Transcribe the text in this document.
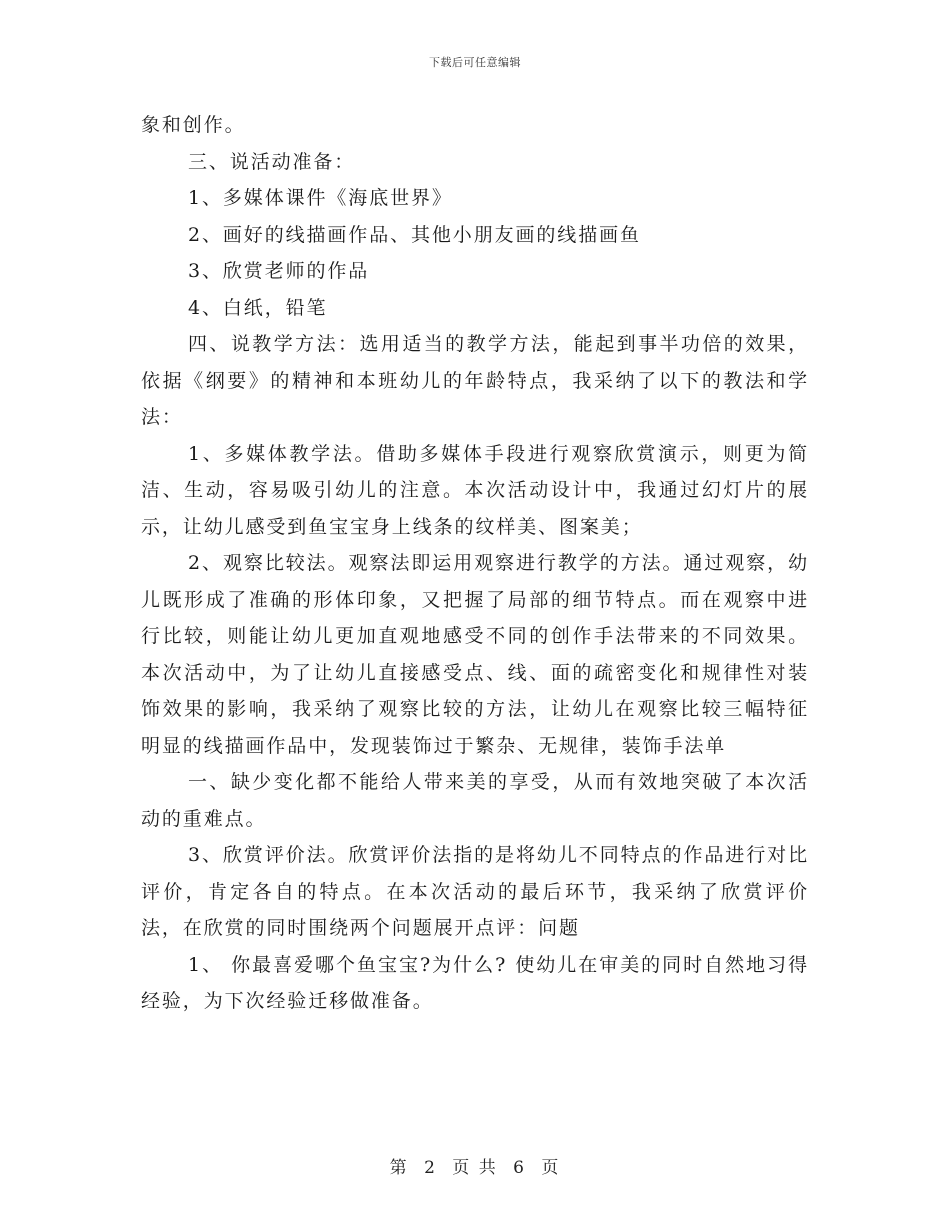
下载后可任意编辑

象和创作。

三、说活动准备：

1、多媒体课件《海底世界》

2、画好的线描画作品、其他小朋友画的线描画鱼

3、欣赏老师的作品

4、白纸，铅笔

四、说教学方法：选用适当的教学方法，能起到事半功倍的效果，依据《纲要》的精神和本班幼儿的年龄特点，我采纳了以下的教法和学法：

1、多媒体教学法。借助多媒体手段进行观察欣赏演示，则更为简洁、生动，容易吸引幼儿的注意。本次活动设计中，我通过幻灯片的展示，让幼儿感受到鱼宝宝身上线条的纹样美、图案美；

2、观察比较法。观察法即运用观察进行教学的方法。通过观察，幼儿既形成了准确的形体印象，又把握了局部的细节特点。而在观察中进行比较，则能让幼儿更加直观地感受不同的创作手法带来的不同效果。本次活动中，为了让幼儿直接感受点、线、面的疏密变化和规律性对装饰效果的影响，我采纳了观察比较的方法，让幼儿在观察比较三幅特征明显的线描画作品中，发现装饰过于繁杂、无规律，装饰手法单

一、缺少变化都不能给人带来美的享受，从而有效地突破了本次活动的重难点。

3、欣赏评价法。欣赏评价法指的是将幼儿不同特点的作品进行对比评价，肯定各自的特点。在本次活动的最后环节，我采纳了欣赏评价法，在欣赏的同时围绕两个问题展开点评：问题

1、 你最喜爱哪个鱼宝宝?为什么? 使幼儿在审美的同时自然地习得经验，为下次经验迁移做准备。

第 2 页 共 6 页
